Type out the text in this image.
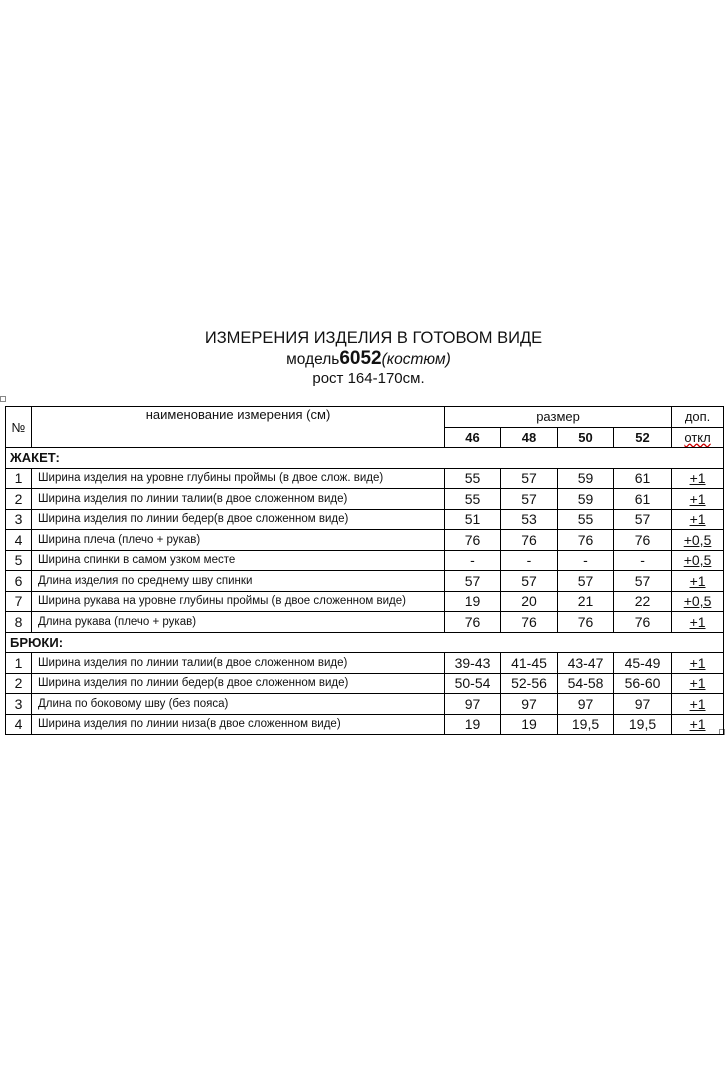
ИЗМЕРЕНИЯ ИЗДЕЛИЯ В ГОТОВОМ ВИДЕ
модель6052(костюм)
рост 164-170см.
№	наименование измерения (см)	размер				доп.
		46	48	50	52	откл
ЖАКЕТ:						
1	Ширина изделия на уровне глубины проймы (в двое слож. виде)	55	57	59	61	+1
2	Ширина изделия по линии талии(в двое сложенном виде)	55	57	59	61	+1
3	Ширина изделия по линии бедер(в двое сложенном виде)	51	53	55	57	+1
4	Ширина плеча (плечо + рукав)	76	76	76	76	+0,5
5	Ширина спинки в самом узком месте	-	-	-	-	+0,5
6	Длина изделия по среднему шву спинки	57	57	57	57	+1
7	Ширина рукава на уровне глубины проймы (в двое сложенном виде)	19	20	21	22	+0,5
8	Длина рукава (плечо + рукав)	76	76	76	76	+1
БРЮКИ:						
1	Ширина изделия по линии талии(в двое сложенном виде)	39-43	41-45	43-47	45-49	+1
2	Ширина изделия по линии бедер(в двое сложенном виде)	50-54	52-56	54-58	56-60	+1
3	Длина по боковому шву (без пояса)	97	97	97	97	+1
4	Ширина изделия по линии низа(в двое сложенном виде)	19	19	19,5	19,5	+1
